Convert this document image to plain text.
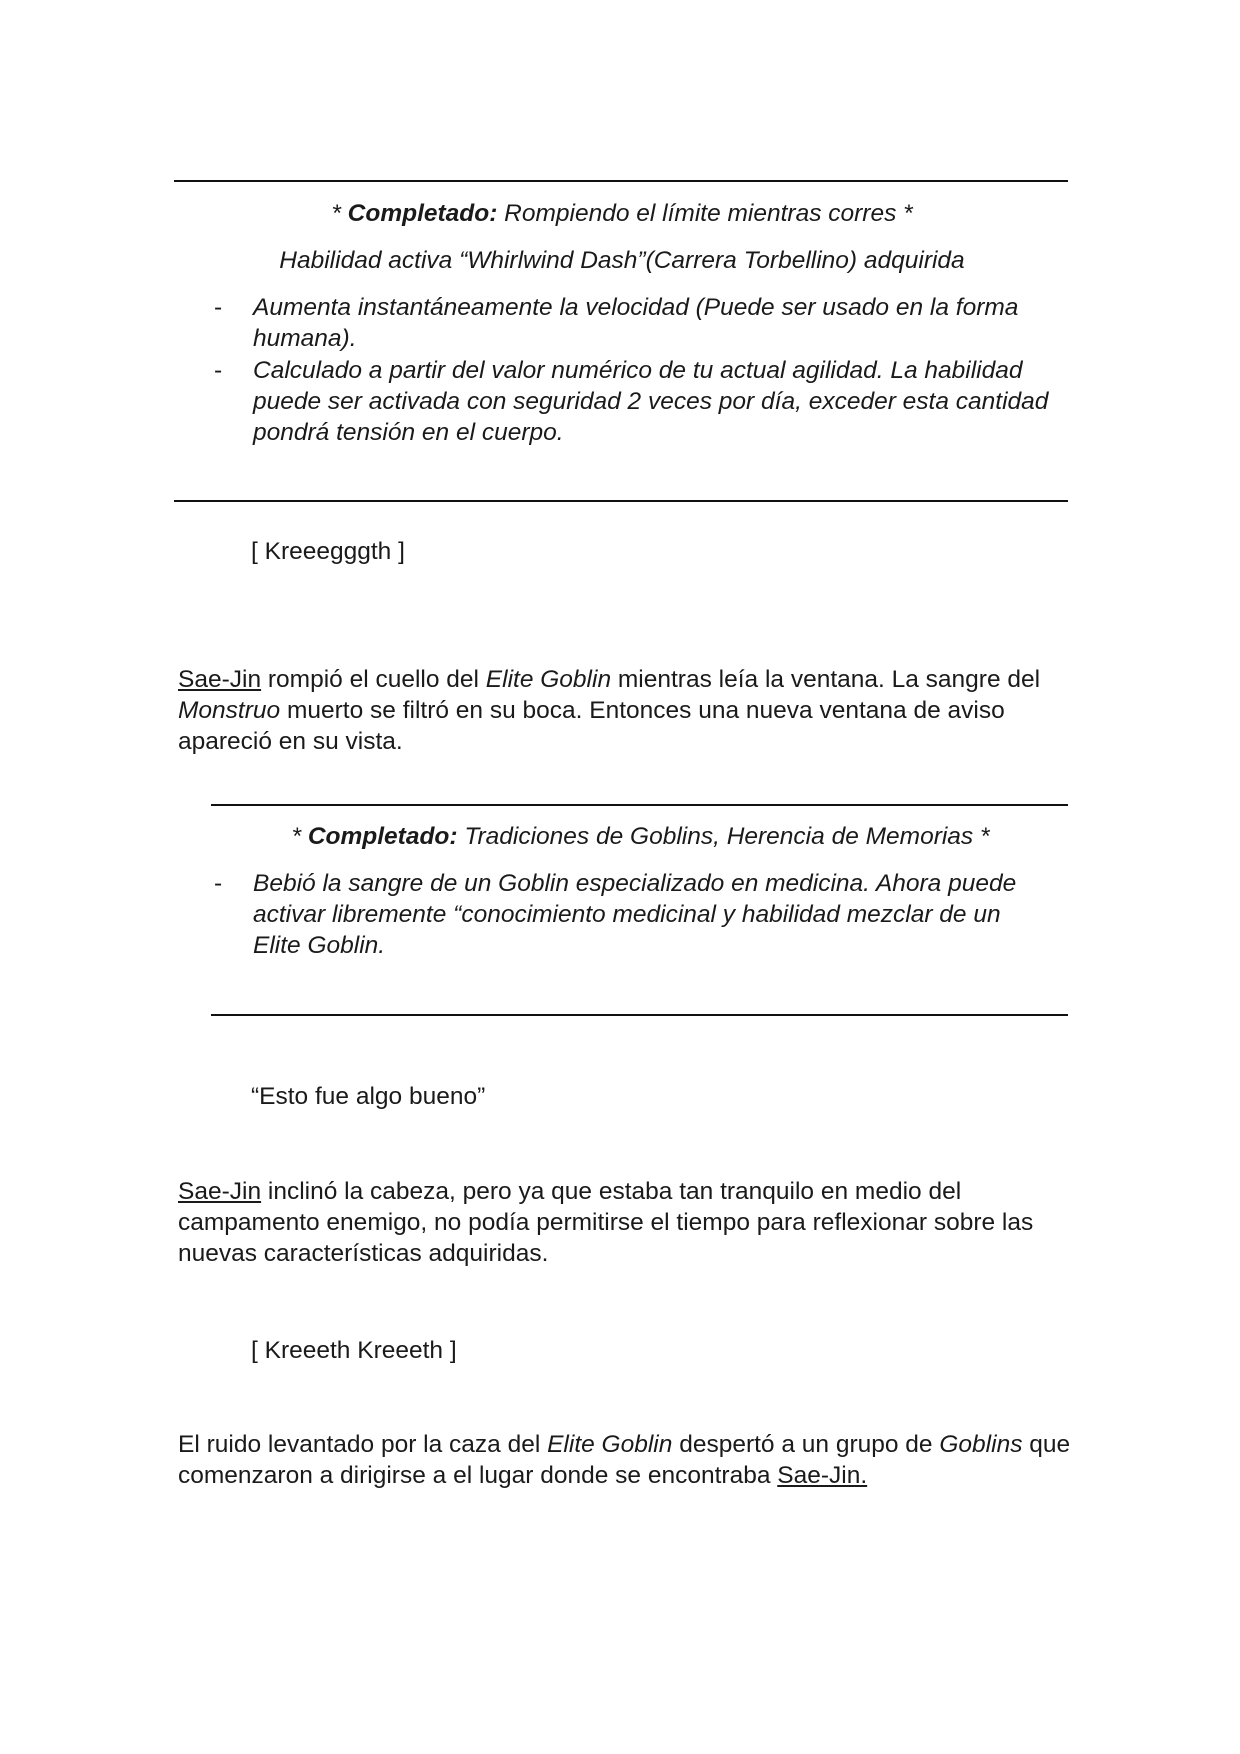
* Completado: Rompiendo el límite mientras corres *
Habilidad activa “Whirlwind Dash”(Carrera Torbellino) adquirida
- Aumenta instantáneamente la velocidad (Puede ser usado en la forma humana).
- Calculado a partir del valor numérico de tu actual agilidad. La habilidad puede ser activada con seguridad 2 veces por día, exceder esta cantidad pondrá tensión en el cuerpo.

[ Kreeegggth ]

Sae-Jin rompió el cuello del Elite Goblin mientras leía la ventana. La sangre del Monstruo muerto se filtró en su boca. Entonces una nueva ventana de aviso apareció en su vista.

* Completado: Tradiciones de Goblins, Herencia de Memorias *
- Bebió la sangre de un Goblin especializado en medicina. Ahora puede activar libremente “conocimiento medicinal y habilidad mezclar de un Elite Goblin.

“Esto fue algo bueno”

Sae-Jin inclinó la cabeza, pero ya que estaba tan tranquilo en medio del campamento enemigo, no podía permitirse el tiempo para reflexionar sobre las nuevas características adquiridas.

[ Kreeeth Kreeeth ]

El ruido levantado por la caza del Elite Goblin despertó a un grupo de Goblins que comenzaron a dirigirse a el lugar donde se encontraba Sae-Jin.
